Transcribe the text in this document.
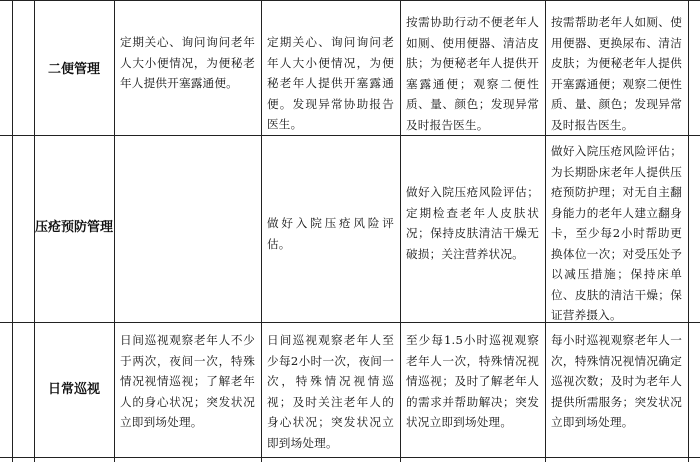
二便管理
定期关心、询问询问老年人大小便情况，为便秘老年人提供开塞露通便。
定期关心、询问询问老年人大小便情况，为便秘老年人提供开塞露通便。发现异常协助报告医生。
按需协助行动不便老年人如厕、使用便器、清洁皮肤；为便秘老年人提供开塞露通便；观察二便性质、量、颜色；发现异常及时报告医生。
按需帮助老年人如厕、使用便器、更换尿布、清洁皮肤；为便秘老年人提供开塞露通便；观察二便性质、量、颜色；发现异常及时报告医生。
压疮预防管理	做好入院压疮风险评估。
做好入院压疮风险评估；定期检查老年人皮肤状况；保持皮肤清洁干燥无破损；关注营养状况。
做好入院压疮风险评估；为长期卧床老年人提供压疮预防护理；对无自主翻身能力的老年人建立翻身卡，至少每2小时帮助更换体位一次；对受压处予以减压措施；保持床单位、皮肤的清洁干燥；保证营养摄入。
日常巡视
日间巡视观察老年人不少于两次，夜间一次，特殊情况视情巡视；了解老年人的身心状况；突发状况立即到场处理。
日间巡视观察老年人至少每2小时一次，夜间一次，特殊情况视情巡视；及时关注老年人的身心状况；突发状况立即到场处理。
至少每1.5小时巡视观察老年人一次，特殊情况视情巡视；及时了解老年人的需求并帮助解决；突发状况立即到场处理。
每小时巡视观察老年人一次，特殊情况视情况确定巡视次数；及时为老年人提供所需服务；突发状况立即到场处理。
